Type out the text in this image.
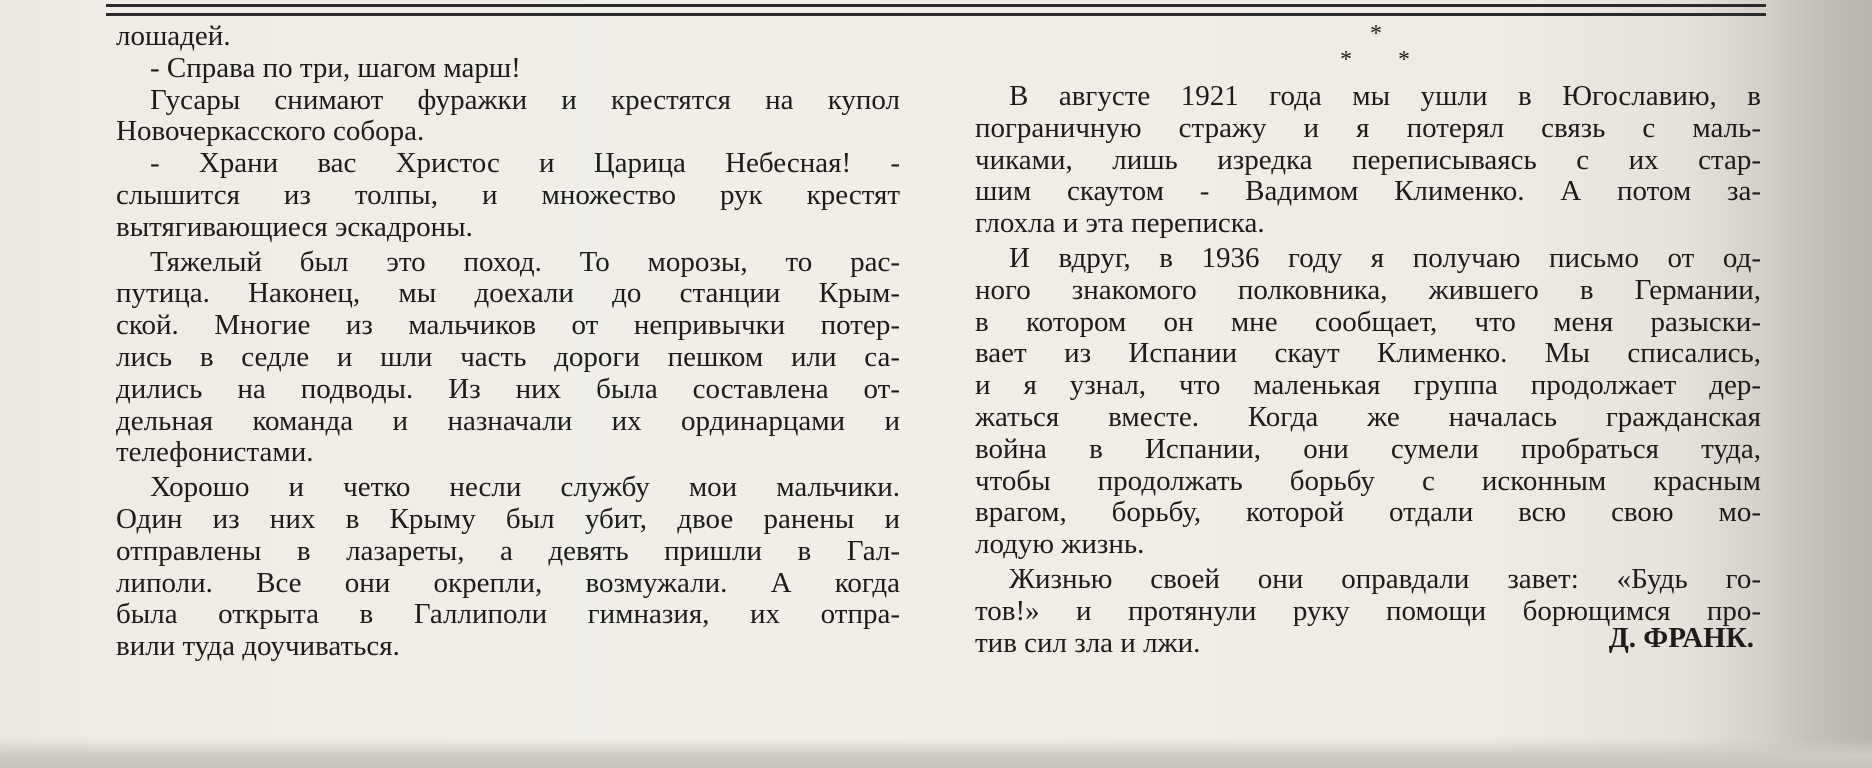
лошадей.
- Справа по три, шагом марш!
Гусары снимают фуражки и крестятся на купол
Новочеркасского собора.
- Храни вас Христос и Царица Небесная! -
слышится из толпы, и множество рук крестят
вытягивающиеся эскадроны.
Тяжелый был это поход. То морозы, то рас-
путица. Наконец, мы доехали до станции Крым-
ской. Многие из мальчиков от непривычки потер-
лись в седле и шли часть дороги пешком или са-
дились на подводы. Из них была составлена от-
дельная команда и назначали их ординарцами и
телефонистами.
Хорошо и четко несли службу мои мальчики.
Один из них в Крыму был убит, двое ранены и
отправлены в лазареты, а девять пришли в Гал-
липоли. Все они окрепли, возмужали. А когда
была открыта в Галлиполи гимназия, их отпра-
вили туда доучиваться.
*
* *
В августе 1921 года мы ушли в Югославию, в
пограничную стражу и я потерял связь с маль-
чиками, лишь изредка переписываясь с их стар-
шим скаутом - Вадимом Клименко. А потом за-
глохла и эта переписка.
И вдруг, в 1936 году я получаю письмо от од-
ного знакомого полковника, жившего в Германии,
в котором он мне сообщает, что меня разыски-
вает из Испании скаут Клименко. Мы списались,
и я узнал, что маленькая группа продолжает дер-
жаться вместе. Когда же началась гражданская
война в Испании, они сумели пробраться туда,
чтобы продолжать борьбу с исконным красным
врагом, борьбу, которой отдали всю свою мо-
лодую жизнь.
Жизнью своей они оправдали завет: «Будь го-
тов!» и протянули руку помощи борющимся про-
тив сил зла и лжи.	Д. ФРАНК.
